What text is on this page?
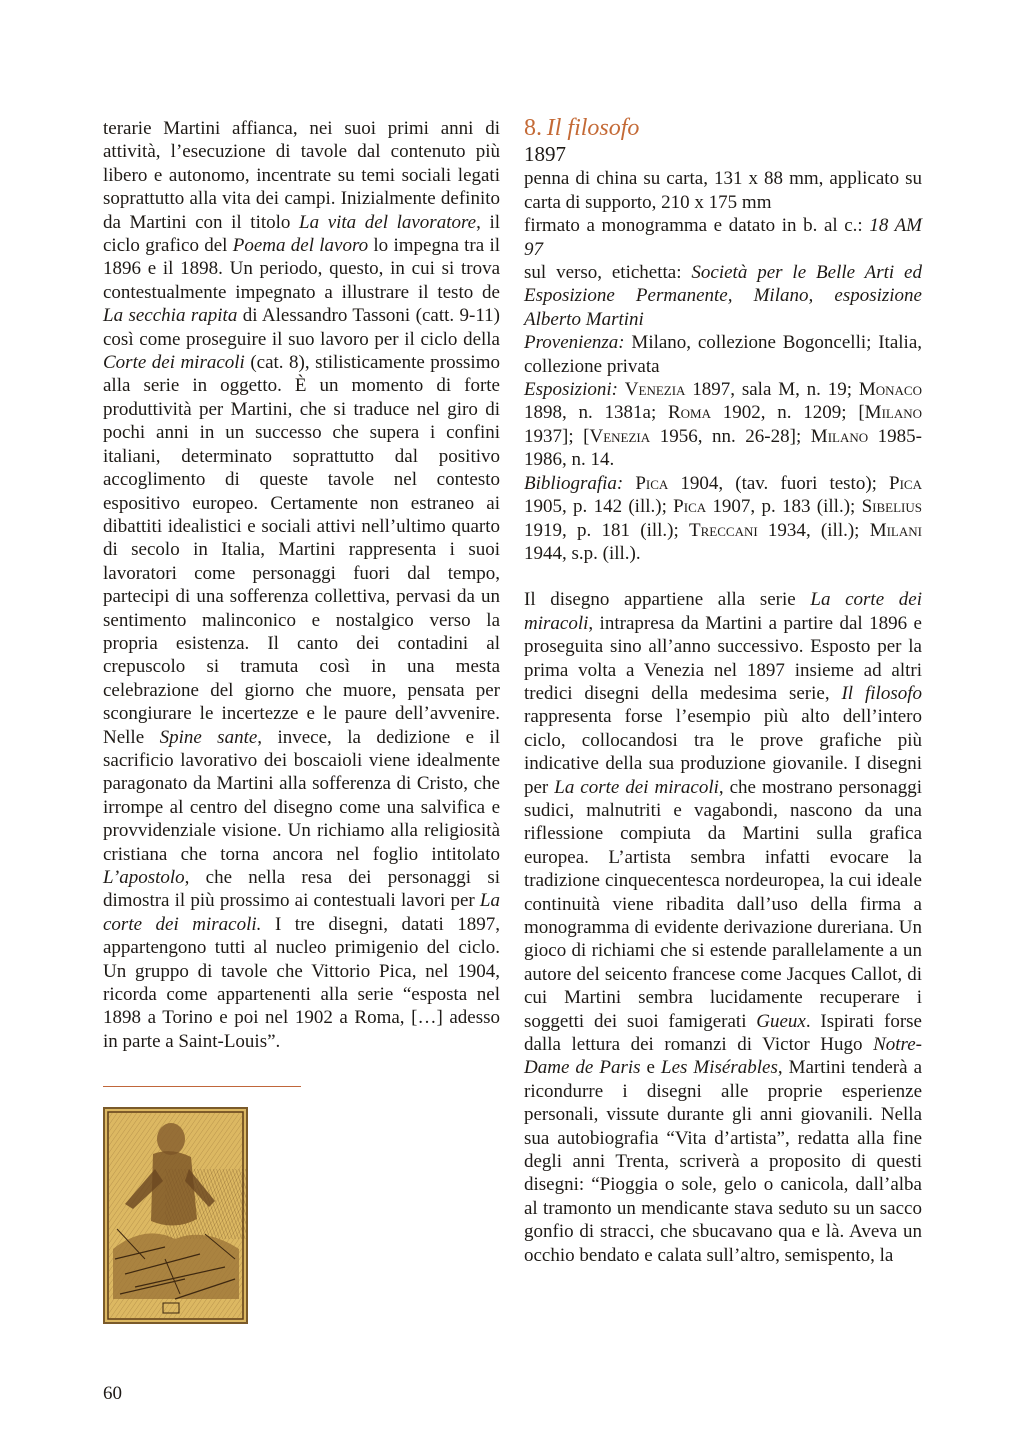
terarie Martini affianca, nei suoi primi anni di attività, l’esecuzione di tavole dal contenuto più libero e autonomo, incentrate su temi sociali legati soprattutto alla vita dei campi. Inizialmente definito da Martini con il titolo La vita del lavoratore, il ciclo grafico del Poema del lavoro lo impegna tra il 1896 e il 1898. Un periodo, questo, in cui si trova contestualmente impegnato a illustrare il testo de La secchia rapita di Alessandro Tassoni (catt. 9-11) così come proseguire il suo lavoro per il ciclo della Corte dei miracoli (cat. 8), stilisticamente prossimo alla serie in oggetto. È un momento di forte produttività per Martini, che si traduce nel giro di pochi anni in un successo che supera i confini italiani, determinato soprattutto dal positivo accoglimento di queste tavole nel contesto espositivo europeo. Certamente non estraneo ai dibattiti idealistici e sociali attivi nell’ultimo quarto di secolo in Italia, Martini rappresenta i suoi lavoratori come personaggi fuori dal tempo, partecipi di una sofferenza collettiva, pervasi da un sentimento malinconico e nostalgico verso la propria esistenza. Il canto dei contadini al crepuscolo si tramuta così in una mesta celebrazione del giorno che muore, pensata per scongiurare le incertezze e le paure dell’avvenire. Nelle Spine sante, invece, la dedizione e il sacrificio lavorativo dei boscaioli viene idealmente paragonato da Martini alla sofferenza di Cristo, che irrompe al centro del disegno come una salvifica e provvidenziale visione. Un richiamo alla religiosità cristiana che torna ancora nel foglio intitolato L’apostolo, che nella resa dei personaggi si dimostra il più prossimo ai contestuali lavori per La corte dei miracoli. I tre disegni, datati 1897, appartengono tutti al nucleo primigenio del ciclo. Un gruppo di tavole che Vittorio Pica, nel 1904, ricorda come appartenenti alla serie “esposta nel 1898 a Torino e poi nel 1902 a Roma, […] adesso in parte a Saint-Louis”.

60

8. Il filosofo

1897

penna di china su carta, 131 x 88 mm, applicato su carta di supporto, 210 x 175 mm

firmato a monogramma e datato in b. al c.: 18 AM 97

sul verso, etichetta: Società per le Belle Arti ed Esposizione Permanente, Milano, esposizione Alberto Martini

Provenienza: Milano, collezione Bogoncelli; Italia, collezione privata

Esposizioni: Venezia 1897, sala M, n. 19; Monaco 1898, n. 1381a; Roma 1902, n. 1209; [Milano 1937]; [Venezia 1956, nn. 26-28]; Milano 1985-1986, n. 14.

Bibliografia: Pica 1904, (tav. fuori testo); Pica 1905, p. 142 (ill.); Pica 1907, p. 183 (ill.); Sibelius 1919, p. 181 (ill.); Treccani 1934, (ill.); Milani 1944, s.p. (ill.).

Il disegno appartiene alla serie La corte dei miracoli, intrapresa da Martini a partire dal 1896 e proseguita sino all’anno successivo. Esposto per la prima volta a Venezia nel 1897 insieme ad altri tredici disegni della medesima serie, Il filosofo rappresenta forse l’esempio più alto dell’intero ciclo, collocandosi tra le prove grafiche più indicative della sua produzione giovanile. I disegni per La corte dei miracoli, che mostrano personaggi sudici, malnutriti e vagabondi, nascono da una riflessione compiuta da Martini sulla grafica europea. L’artista sembra infatti evocare la tradizione cinquecentesca nordeuropea, la cui ideale continuità viene ribadita dall’uso della firma a monogramma di evidente derivazione dureriana. Un gioco di richiami che si estende parallelamente a un autore del seicento francese come Jacques Callot, di cui Martini sembra lucidamente recuperare i soggetti dei suoi famigerati Gueux. Ispirati forse dalla lettura dei romanzi di Victor Hugo Notre-Dame de Paris e Les Misérables, Martini tenderà a ricondurre i disegni alle proprie esperienze personali, vissute durante gli anni giovanili. Nella sua autobiografia “Vita d’artista”, redatta alla fine degli anni Trenta, scriverà a proposito di questi disegni: “Pioggia o sole, gelo o canicola, dall’alba al tramonto un mendicante stava seduto su un sacco gonfio di stracci, che sbucavano qua e là. Aveva un occhio bendato e calata sull’altro, semispento, la
